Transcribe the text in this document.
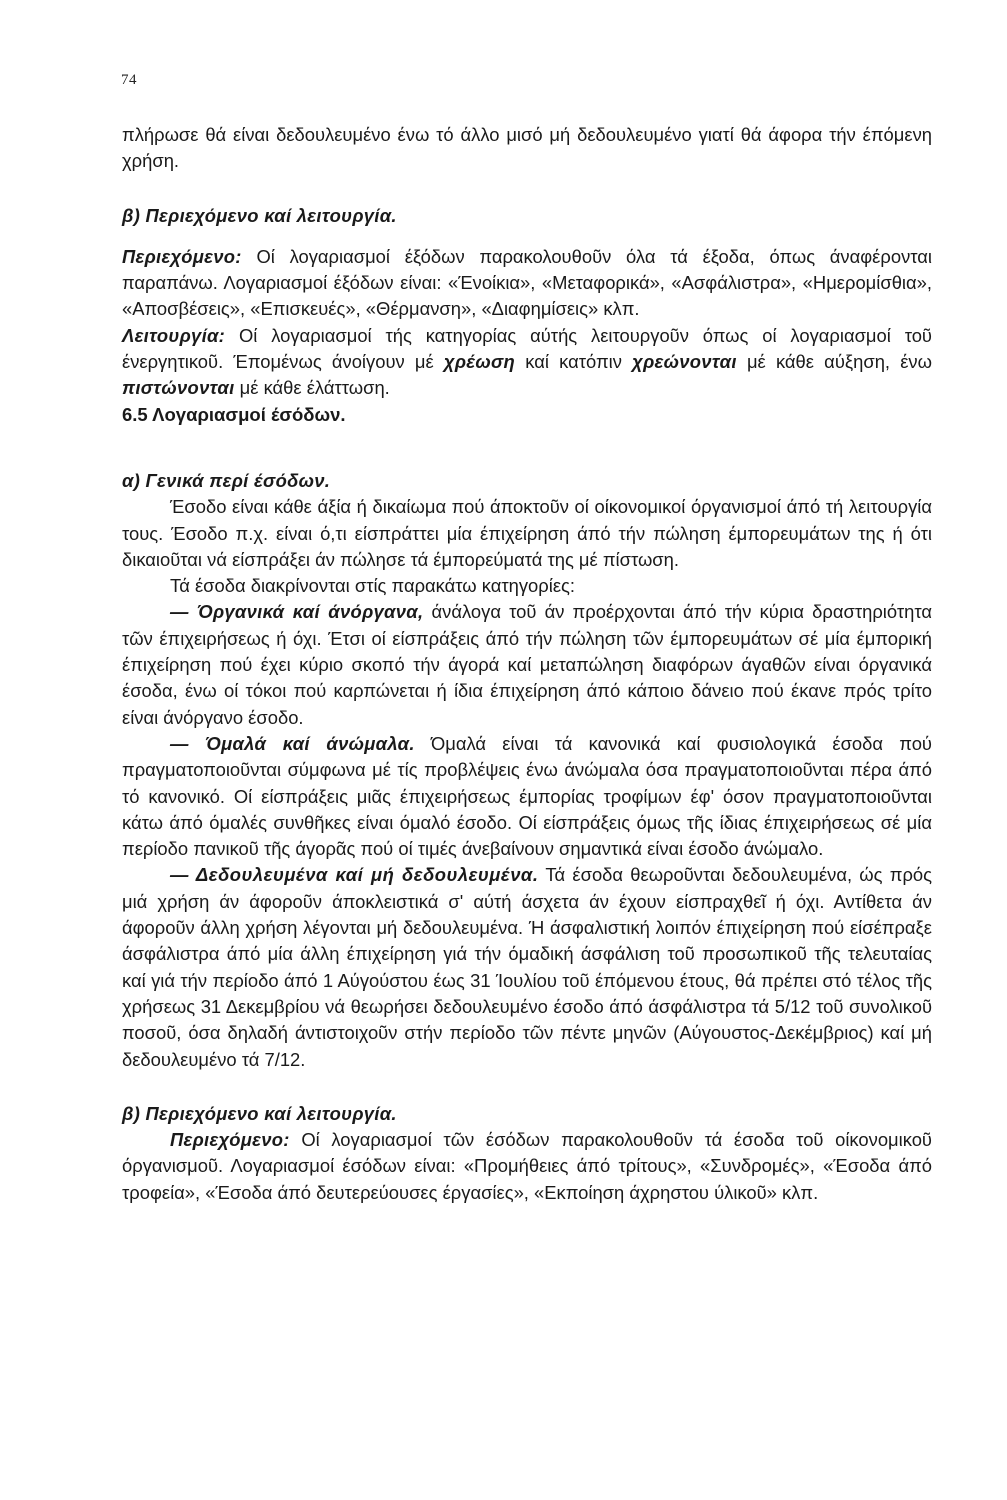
74

πλήρωσε θά είναι δεδουλευμένο ένω τό άλλο μισό μή δεδουλευμένο γιατί θά άφορα τήν έπόμενη χρήση.

β) Περιεχόμενο καί λειτουργία.

Περιεχόμενο: Οί λογαριασμοί έξόδων παρακολουθοῦν όλα τά έξοδα, όπως άναφέρονται παραπάνω. Λογαριασμοί έξόδων είναι: «Ένοίκια», «Μεταφορικά», «Ασφάλιστρα», «Ημερομίσθια», «Αποσβέσεις», «Επισκευές», «Θέρμανση», «Διαφημίσεις» κλπ.

Λειτουργία: Οί λογαριασμοί τής κατηγορίας αύτής λειτουργοῦν όπως οί λογαριασμοί τοῦ ένεργητικοῦ. Έπομένως άνοίγουν μέ χρέωση καί κατόπιν χρεώνονται μέ κάθε αύξηση, ένω πιστώνονται μέ κάθε έλάττωση.

6.5 Λογαριασμοί έσόδων.

α) Γενικά περί έσόδων.

Έσοδο είναι κάθε άξία ή δικαίωμα πού άποκτοῦν οί οίκονομικοί όργανισμοί άπό τή λειτουργία τους. Έσοδο π.χ. είναι ό,τι είσπράττει μία έπιχείρηση άπό τήν πώληση έμπορευμάτων της ή ότι δικαιοῦται νά είσπράξει άν πώλησε τά έμπορεύματά της μέ πίστωση.

Τά έσοδα διακρίνονται στίς παρακάτω κατηγορίες:

— Όργανικά καί άνόργανα, άνάλογα τοῦ άν προέρχονται άπό τήν κύρια δραστηριότητα τῶν έπιχειρήσεως ή όχι. Έτσι οί είσπράξεις άπό τήν πώληση τῶν έμπορευμάτων σέ μία έμπορική έπιχείρηση πού έχει κύριο σκοπό τήν άγορά καί μεταπώληση διαφόρων άγαθῶν είναι όργανικά έσοδα, ένω οί τόκοι πού καρπώνεται ή ίδια έπιχείρηση άπό κάποιο δάνειο πού έκανε πρός τρίτο είναι άνόργανο έσοδο.

— Όμαλά καί άνώμαλα. Όμαλά είναι τά κανονικά καί φυσιολογικά έσοδα πού πραγματοποιοῦνται σύμφωνα μέ τίς προβλέψεις ένω άνώμαλα όσα πραγματοποιοῦνται πέρα άπό τό κανονικό. Οί είσπράξεις μιᾶς έπιχειρήσεως έμπορίας τροφίμων έφ' όσον πραγματοποιοῦνται κάτω άπό όμαλές συνθῆκες είναι όμαλό έσοδο. Οί είσπράξεις όμως τῆς ίδιας έπιχειρήσεως σέ μία περίοδο πανικοῦ τῆς άγορᾶς πού οί τιμές άνεβαίνουν σημαντικά είναι έσοδο άνώμαλο.

— Δεδουλευμένα καί μή δεδουλευμένα. Τά έσοδα θεωροῦνται δεδουλευμένα, ώς πρός μιά χρήση άν άφοροῦν άποκλειστικά σ' αύτή άσχετα άν έχουν είσπραχθεῖ ή όχι. Αντίθετα άν άφοροῦν άλλη χρήση λέγονται μή δεδουλευμένα. Ή άσφαλιστική λοιπόν έπιχείρηση πού είσέπραξε άσφάλιστρα άπό μία άλλη έπιχείρηση γιά τήν όμαδική άσφάλιση τοῦ προσωπικοῦ τῆς τελευταίας καί γιά τήν περίοδο άπό 1 Αύγούστου έως 31 Ίουλίου τοῦ έπόμενου έτους, θά πρέπει στό τέλος τῆς χρήσεως 31 Δεκεμβρίου νά θεωρήσει δεδουλευμένο έσοδο άπό άσφάλιστρα τά 5/12 τοῦ συνολικοῦ ποσοῦ, όσα δηλαδή άντιστοιχοῦν στήν περίοδο τῶν πέντε μηνῶν (Αύγουστος-Δεκέμβριος) καί μή δεδουλευμένο τά 7/12.

β) Περιεχόμενο καί λειτουργία.

Περιεχόμενο: Οί λογαριασμοί τῶν έσόδων παρακολουθοῦν τά έσοδα τοῦ οίκονομικοῦ όργανισμοῦ. Λογαριασμοί έσόδων είναι: «Προμήθειες άπό τρίτους», «Συνδρομές», «Έσοδα άπό τροφεία», «Έσοδα άπό δευτερεύουσες έργασίες», «Εκποίηση άχρηστου ύλικοῦ» κλπ.
